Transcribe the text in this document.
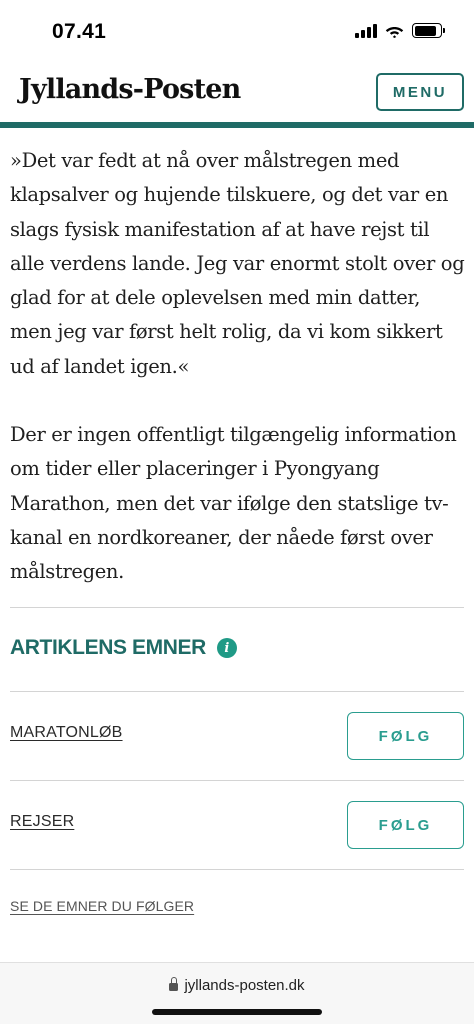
07.41
Jyllands-Posten	MENU

»Det var fedt at nå over målstregen med klapsalver og hujende tilskuere, og det var en slags fysisk manifestation af at have rejst til alle verdens lande. Jeg var enormt stolt over og glad for at dele oplevelsen med min datter, men jeg var først helt rolig, da vi kom sikkert ud af landet igen.«

Der er ingen offentligt tilgængelig information om tider eller placeringer i Pyongyang Marathon, men det var ifølge den statslige tv-kanal en nordkoreaner, der nåede først over målstregen.

ARTIKLENS EMNER	i
MARATONLØB	FØLG
REJSER	FØLG
SE DE EMNER DU FØLGER
jyllands-posten.dk
